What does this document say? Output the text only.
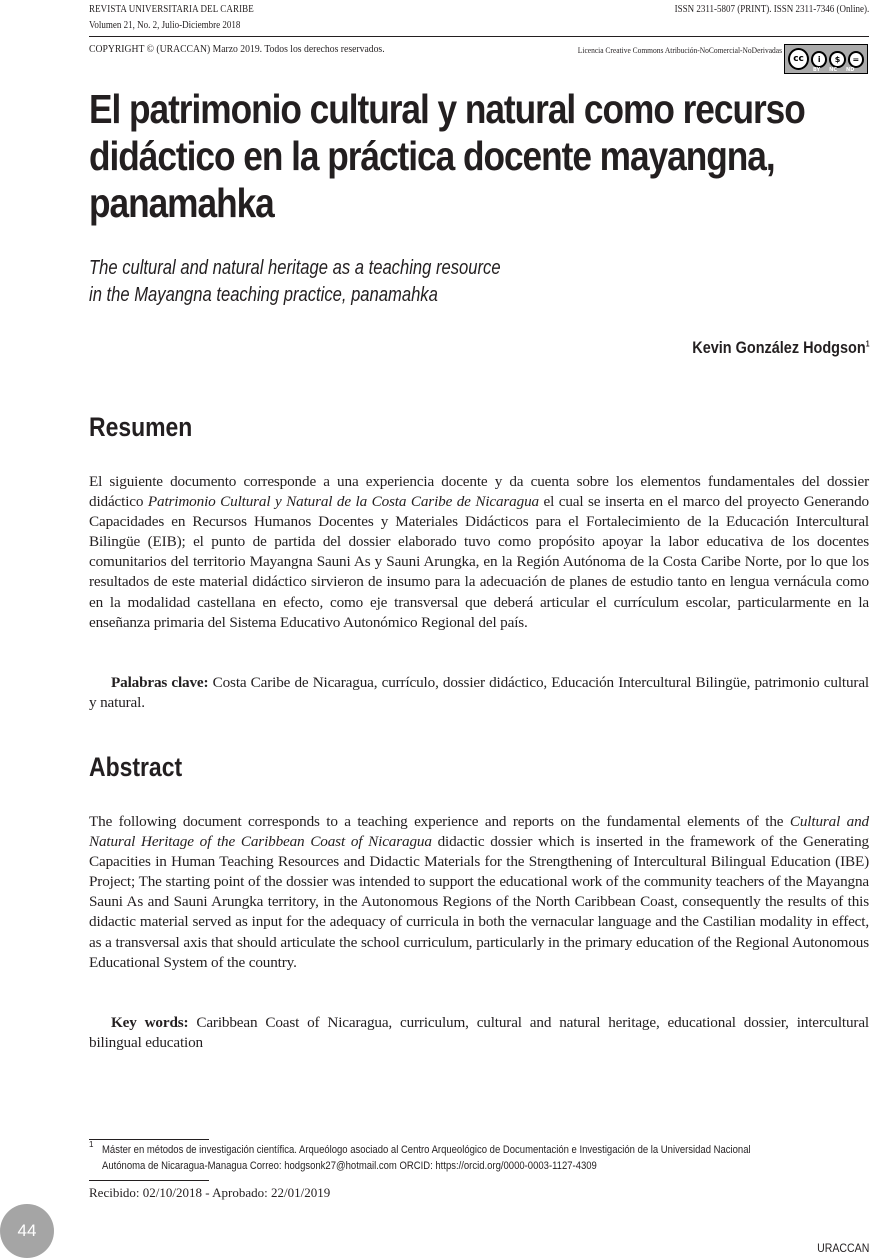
REVISTA UNIVERSITARIA DEL CARIBE
Volumen 21, No. 2, Julio-Diciembre 2018
ISSN 2311-5807 (PRINT). ISSN 2311-7346 (Online).
COPYRIGHT © (URACCAN) Marzo 2019. Todos los derechos reservados.	Licencia Creative Commons Atribución-NoComercial-NoDerivadas
cc	i	$	=
BY NC ND
El patrimonio cultural y natural como recurso didáctico en la práctica docente mayangna, panamahka
The cultural and natural heritage as a teaching resource
in the Mayangna teaching practice, panamahka
Kevin González Hodgson$^1$
Resumen
El siguiente documento corresponde a una experiencia docente y da cuenta sobre los elementos fundamentales del dossier didáctico Patrimonio Cultural y Natural de la Costa Caribe de Nicaragua el cual se inserta en el marco del proyecto Generando Capacidades en Recursos Humanos Docentes y Materiales Didácticos para el Fortalecimiento de la Educación Intercultural Bilingüe (EIB); el punto de partida del dossier elaborado tuvo como propósito apoyar la labor educativa de los docentes comunitarios del territorio Mayangna Sauni As y Sauni Arungka, en la Región Autónoma de la Costa Caribe Norte, por lo que los resultados de este material didáctico sirvieron de insumo para la adecuación de planes de estudio tanto en lengua vernácula como en la modalidad castellana en efecto, como eje transversal que deberá articular el currículum escolar, particularmente en la enseñanza primaria del Sistema Educativo Autonómico Regional del país.
Palabras clave: Costa Caribe de Nicaragua, currículo, dossier didáctico, Educación Intercultural Bilingüe, patrimonio cultural y natural.
Abstract
The following document corresponds to a teaching experience and reports on the fundamental elements of the Cultural and Natural Heritage of the Caribbean Coast of Nicaragua didactic dossier which is inserted in the framework of the Generating Capacities in Human Teaching Resources and Didactic Materials for the Strengthening of Intercultural Bilingual Education (IBE) Project; The starting point of the dossier was intended to support the educational work of the community teachers of the Mayangna Sauni As and Sauni Arungka territory, in the Autonomous Regions of the North Caribbean Coast, consequently the results of this didactic material served as input for the adequacy of curricula in both the vernacular language and the Castilian modality in effect, as a transversal axis that should articulate the school curriculum, particularly in the primary education of the Regional Autonomous Educational System of the country.
Key words: Caribbean Coast of Nicaragua, curriculum, cultural and natural heritage, educational dossier, intercultural bilingual education
1 Máster en métodos de investigación científica. Arqueólogo asociado al Centro Arqueológico de Documentación e Investigación de la Universidad Nacional
Autónoma de Nicaragua-Managua Correo: hodgsonk27@hotmail.com ORCID: https://orcid.org/0000-0003-1127-4309
Recibido: 02/10/2018 - Aprobado: 22/01/2019
44
URACCAN
